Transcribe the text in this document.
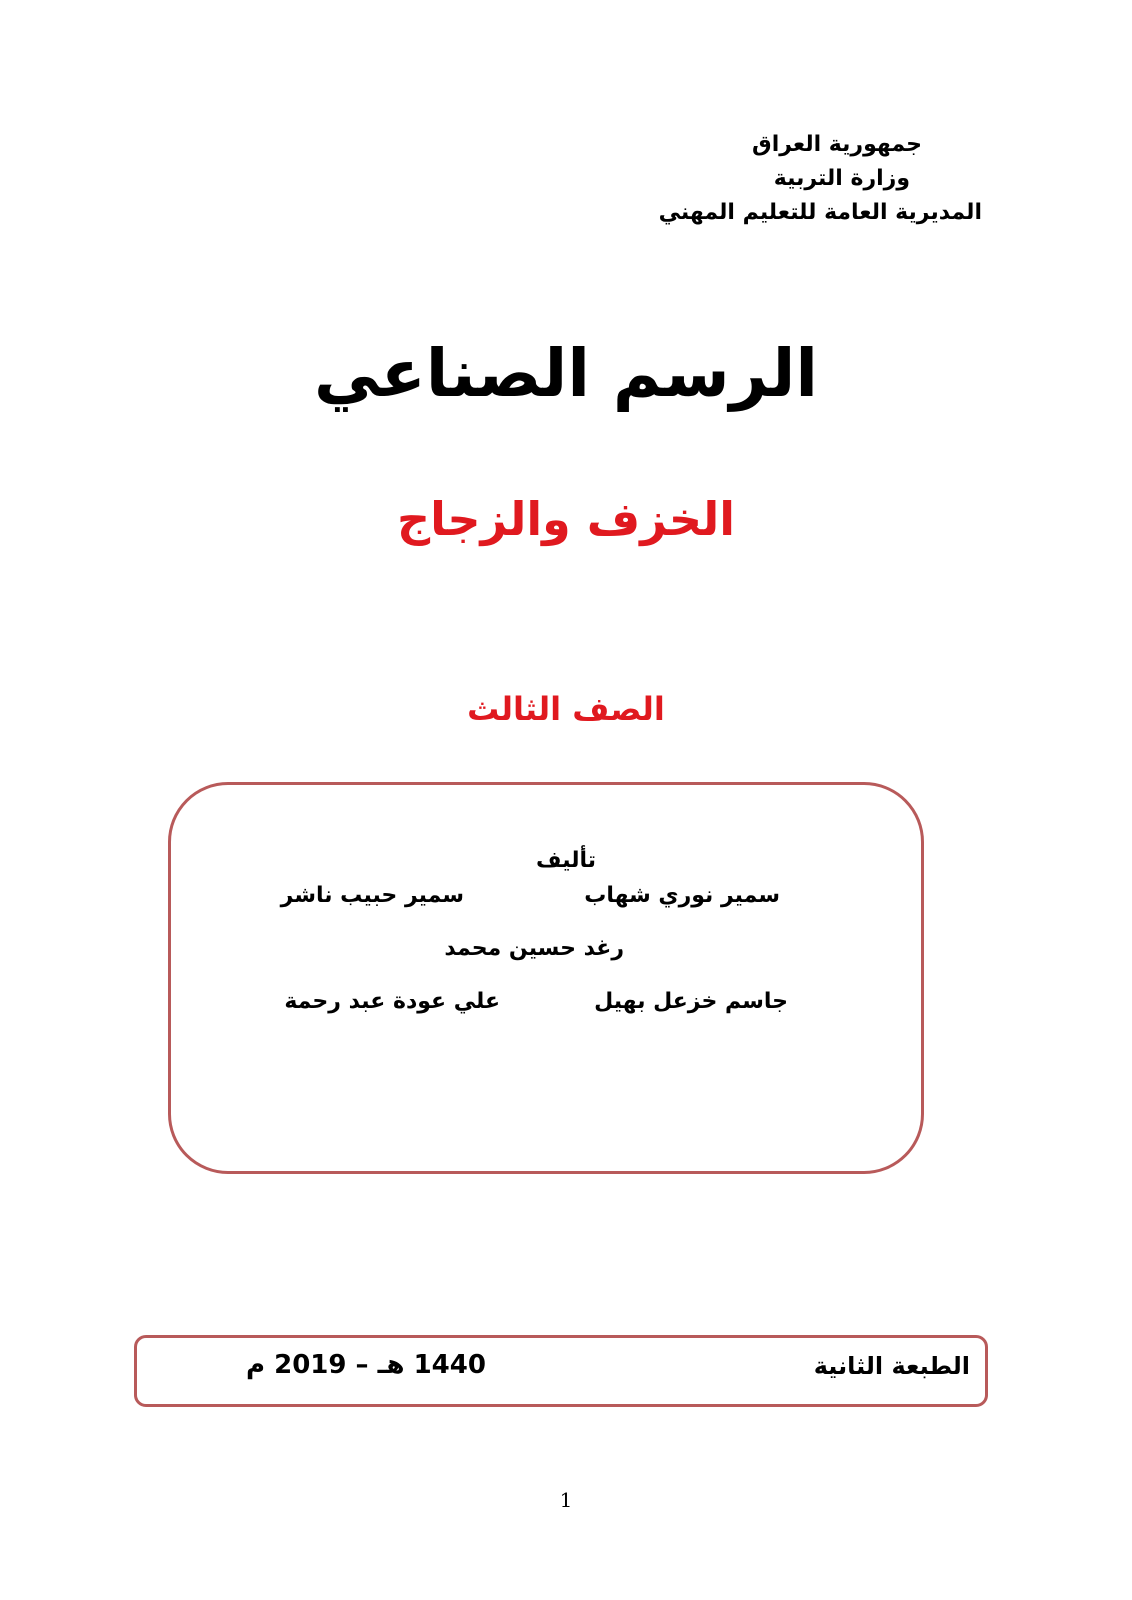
جمهورية العراق
وزارة التربية
المديرية العامة للتعليم المهني
الرسم الصناعي
الخزف والزجاج
الصف الثالث
تأليف
سمير نوري شهاب
سمير حبيب ناشر
رغد حسين محمد
جاسم خزعل بهيل
علي عودة عبد رحمة
الطبعة الثانية
1440 هـ – 2019 م
1
